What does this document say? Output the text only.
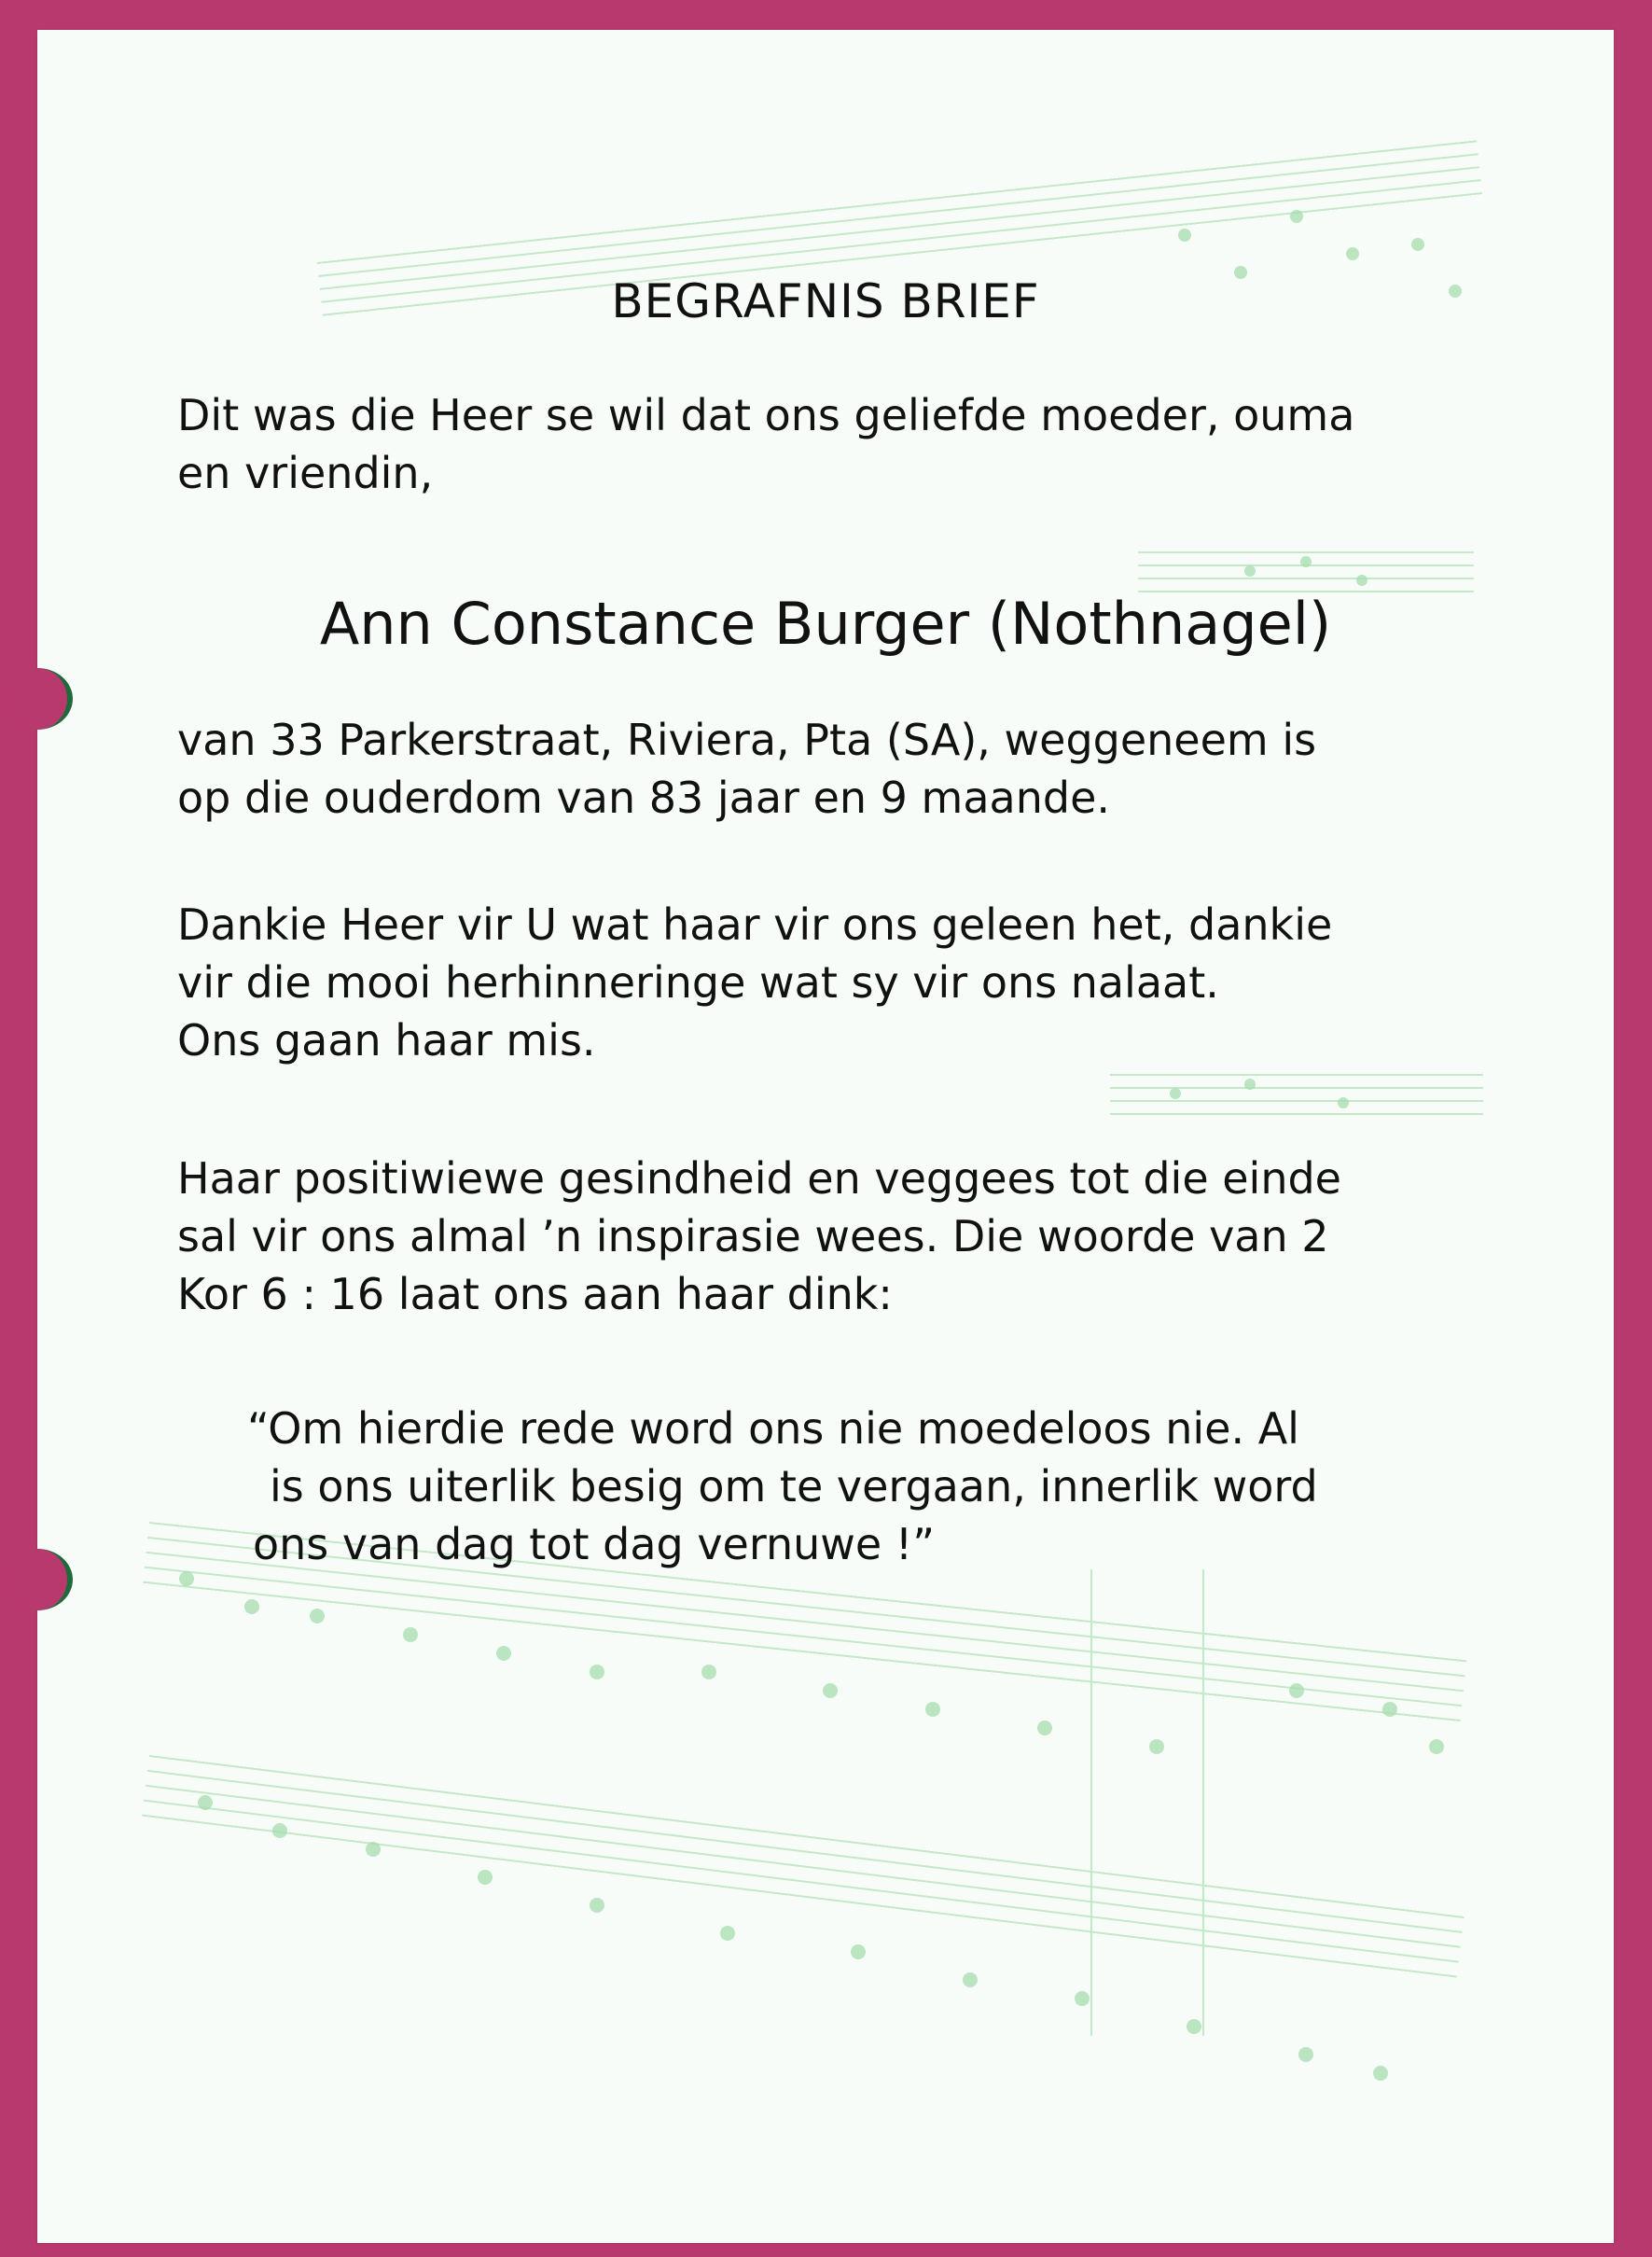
BEGRAFNIS BRIEF
Dit was die Heer se wil dat ons geliefde moeder, ouma
en vriendin,
Ann Constance Burger (Nothnagel)
van 33 Parkerstraat, Riviera, Pta (SA), weggeneem is
op die ouderdom van 83 jaar en 9 maande.
Dankie Heer vir U wat haar vir ons geleen het, dankie
vir die mooi herhinneringe wat sy vir ons nalaat.
Ons gaan haar mis.
Haar positiwiewe gesindheid en veggees tot die einde
sal vir ons almal ’n inspirasie wees. Die woorde van 2
Kor 6 : 16 laat ons aan haar dink:
“Om hierdie rede word ons nie moedeloos nie. Al
is ons uiterlik besig om te vergaan, innerlik word
ons van dag tot dag vernuwe !”
